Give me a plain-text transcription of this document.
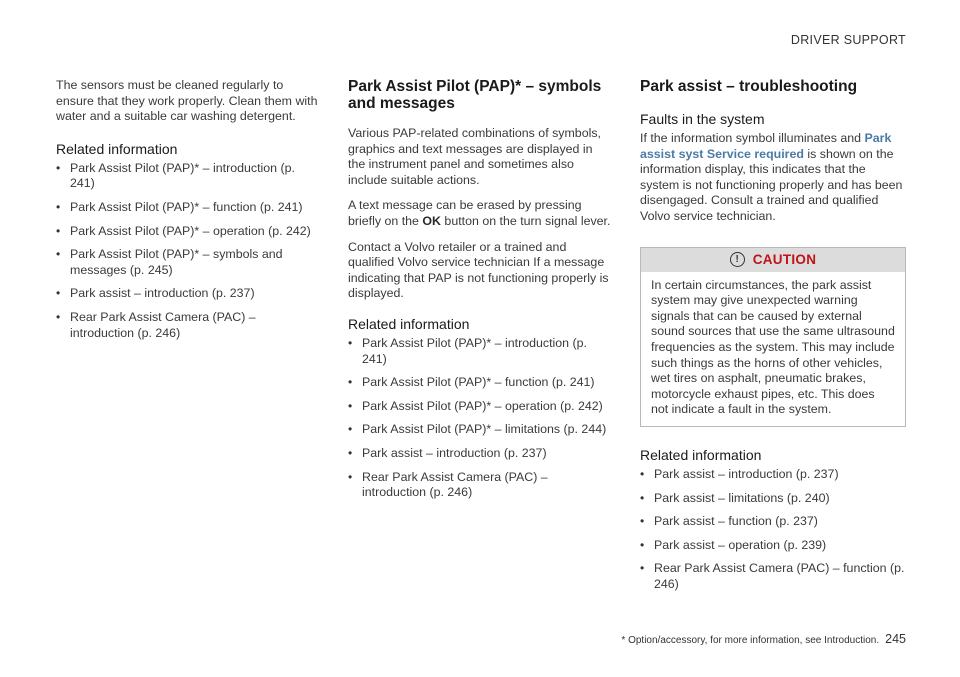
DRIVER SUPPORT

The sensors must be cleaned regularly to ensure that they work properly. Clean them with water and a suitable car washing detergent.

Related information
• Park Assist Pilot (PAP)* – introduction (p. 241)
• Park Assist Pilot (PAP)* – function (p. 241)
• Park Assist Pilot (PAP)* – operation (p. 242)
• Park Assist Pilot (PAP)* – symbols and messages (p. 245)
• Park assist – introduction (p. 237)
• Rear Park Assist Camera (PAC) – introduction (p. 246)
Park Assist Pilot (PAP)* – symbols and messages

Various PAP-related combinations of symbols, graphics and text messages are displayed in the instrument panel and sometimes also include suitable actions.

A text message can be erased by pressing briefly on the OK button on the turn signal lever.

Contact a Volvo retailer or a trained and qualified Volvo service technician If a message indicating that PAP is not functioning properly is displayed.

Related information
• Park Assist Pilot (PAP)* – introduction (p. 241)
• Park Assist Pilot (PAP)* – function (p. 241)
• Park Assist Pilot (PAP)* – operation (p. 242)
• Park Assist Pilot (PAP)* – limitations (p. 244)
• Park assist – introduction (p. 237)
• Rear Park Assist Camera (PAC) – introduction (p. 246)
Park assist – troubleshooting
Faults in the system

If the information symbol illuminates and Park assist syst Service required is shown on the information display, this indicates that the system is not functioning properly and has been disengaged. Consult a trained and qualified Volvo service technician.

!	CAUTION

In certain circumstances, the park assist system may give unexpected warning signals that can be caused by external sound sources that use the same ultrasound frequencies as the system. This may include such things as the horns of other vehicles, wet tires on asphalt, pneumatic brakes, motorcycle exhaust pipes, etc. This does not indicate a fault in the system.

Related information
• Park assist – introduction (p. 237)
• Park assist – limitations (p. 240)
• Park assist – function (p. 237)
• Park assist – operation (p. 239)
• Rear Park Assist Camera (PAC) – function (p. 246)
* Option/accessory, for more information, see Introduction. 245
